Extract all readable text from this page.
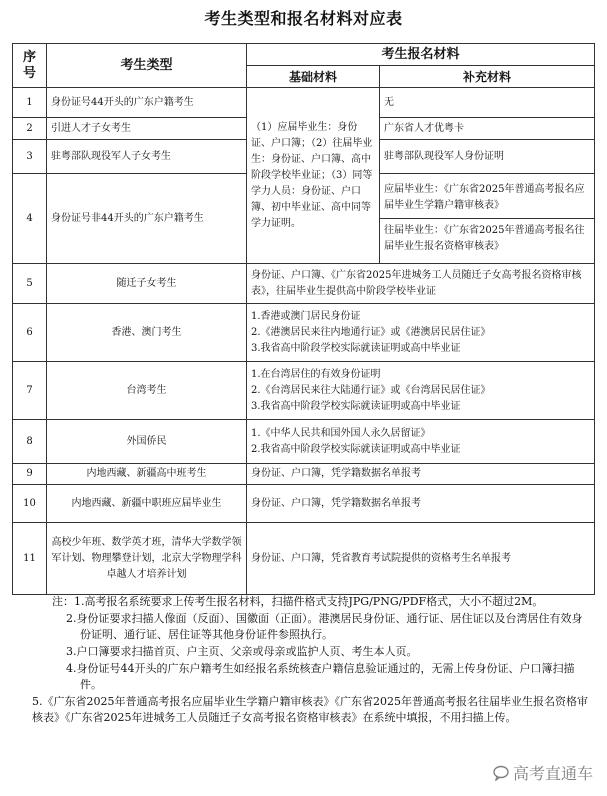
考生类型和报名材料对应表
序号	考生类型	考生报名材料	
		基础材料	补充材料
1	身份证号44开头的广东户籍考生	（1）应届毕业生：身份证、户口簿；（2）往届毕业生：身份证、户口簿、高中阶段学校毕业证；（3）同等学力人员：身份证、户口簿、初中毕业证、高中同等学力证明。	无
2	引进人才子女考生		广东省人才优粤卡
3	驻粤部队现役军人子女考生		驻粤部队现役军人身份证明
4	身份证号非44开头的广东户籍考生		应届毕业生：《广东省2025年普通高考报名应届毕业生学籍户籍审核表》
往届毕业生：《广东省2025年普通高考报名往届毕业生报名资格审核表》

5	随迁子女考生	身份证、户口簿、《广东省2025年进城务工人员随迁子女高考报名资格审核表》，往届毕业生提供高中阶段学校毕业证	
6	香港、澳门考生	1.香港或澳门居民身份证
2.《港澳居民来往内地通行证》或《港澳居民居住证》
3.我省高中阶段学校实际就读证明或高中毕业证	

7	台湾考生	1.在台湾居住的有效身份证明
2.《台湾居民来往大陆通行证》或《台湾居民居住证》
3.我省高中阶段学校实际就读证明或高中毕业证	

8	外国侨民	1.《中华人民共和国外国人永久居留证》
2.我省高中阶段学校实际就读证明或高中毕业证	

9	内地西藏、新疆高中班考生	身份证、户口簿，凭学籍数据名单报考	
10	内地西藏、新疆中职班应届毕业生	身份证、户口簿，凭学籍数据名单报考	
11	高校少年班、数学英才班，清华大学数学领军计划、物理攀登计划，北京大学物理学科卓越人才培养计划	身份证、户口簿，凭省教育考试院提供的资格考生名单报考	
注：1.高考报名系统要求上传考生报名材料，扫描件格式支持JPG/PNG/PDF格式，大小不超过2M。
2.身份证要求扫描人像面（反面）、国徽面（正面）。港澳居民身份证、通行证、居住证以及台湾居住有效身份证明、通行证、居住证等其他身份证件参照执行。
3.户口簿要求扫描首页、户主页、父亲或母亲或监护人页、考生本人页。
4.身份证号44开头的广东户籍考生如经报名系统核查户籍信息验证通过的，无需上传身份证、户口簿扫描件。
5.《广东省2025年普通高考报名应届毕业生学籍户籍审核表》《广东省2025年普通高考报名往届毕业生报名资格审核表》《广东省2025年进城务工人员随迁子女高考报名资格审核表》在系统中填报，不用扫描上传。
高考直通车
